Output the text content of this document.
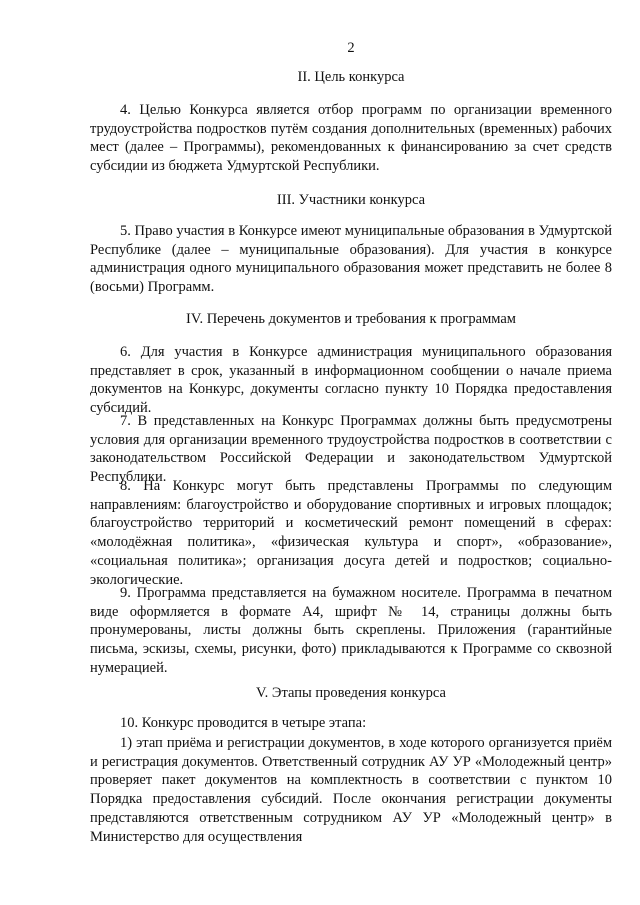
2
II. Цель конкурса

4. Целью Конкурса является отбор программ по организации временного трудоустройства подростков путём создания дополнительных (временных) рабочих мест (далее – Программы), рекомендованных к финансированию за счет средств субсидии из бюджета Удмуртской Республики.

III. Участники конкурса

5. Право участия в Конкурсе имеют муниципальные образования в Удмуртской Республике (далее – муниципальные образования). Для участия в конкурсе администрация одного муниципального образования может представить не более 8 (восьми) Программ.

IV. Перечень документов и требования к программам

6. Для участия в Конкурсе администрация муниципального образования представляет в срок, указанный в информационном сообщении о начале приема документов на Конкурс, документы согласно пункту 10 Порядка предоставления субсидий.

7. В представленных на Конкурс Программах должны быть предусмотрены условия для организации временного трудоустройства подростков в соответствии с законодательством Российской Федерации и законодательством Удмуртской Республики.

8. На Конкурс могут быть представлены Программы по следующим направлениям: благоустройство и оборудование спортивных и игровых площадок; благоустройство территорий и косметический ремонт помещений в сферах: «молодёжная политика», «физическая культура и спорт», «образование», «социальная политика»; организация досуга детей и подростков; социально-экологические.

9. Программа представляется на бумажном носителе. Программа в печатном виде оформляется в формате А4, шрифт № 14, страницы должны быть пронумерованы, листы должны быть скреплены. Приложения (гарантийные письма, эскизы, схемы, рисунки, фото) прикладываются к Программе со сквозной нумерацией.

V. Этапы проведения конкурса

10. Конкурс проводится в четыре этапа:

1) этап приёма и регистрации документов, в ходе которого организуется приём и регистрация документов. Ответственный сотрудник АУ УР «Молодежный центр» проверяет пакет документов на комплектность в соответствии с пунктом 10 Порядка предоставления субсидий. После окончания регистрации документы представляются ответственным сотрудником АУ УР «Молодежный центр» в Министерство для осуществления
